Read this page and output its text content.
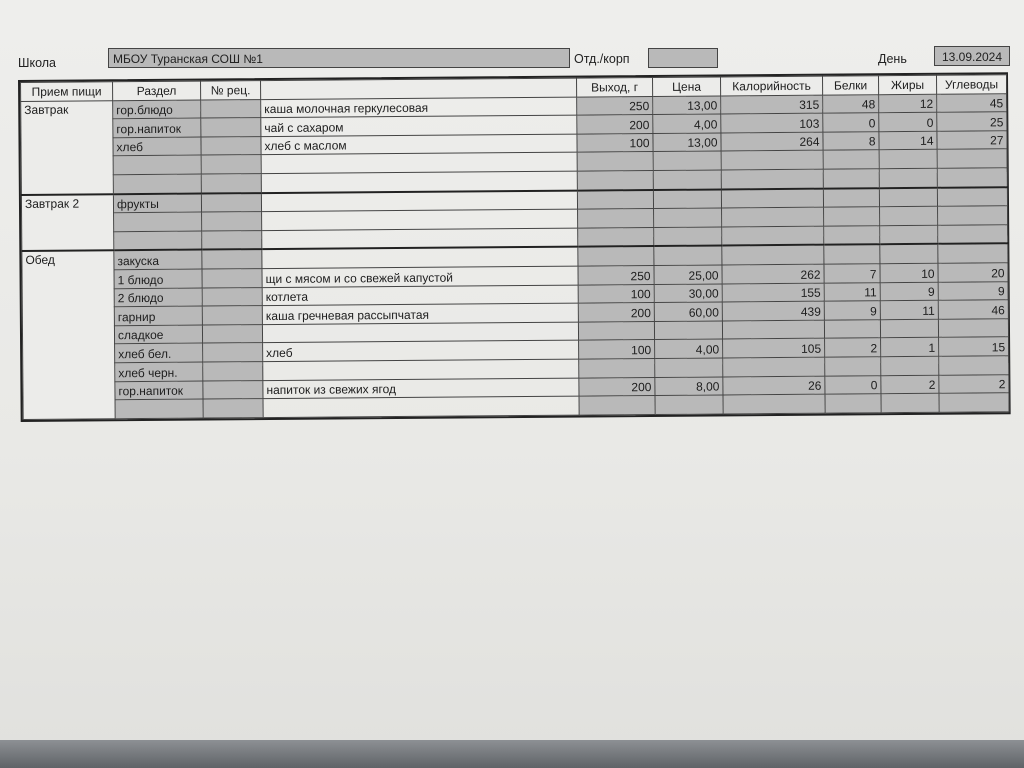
Школа	МБОУ Туранская СОШ №1	Отд./корп	День	13.09.2024
Прием пищи	Раздел	№ рец.		Выход, г	Цена	Калорийность	Белки	Жиры	Углеводы
Завтрак	гор.блюдо		каша молочная геркулесовая	250	13,00	315	48	12	45
	гор.напиток		чай с сахаром	200	4,00	103	0	0	25
	хлеб		хлеб с маслом	100	13,00	264	8	14	27

Завтрак 2	фрукты								

Обед	закуска								
	1 блюдо		щи с мясом и со свежей капустой	250	25,00	262	7	10	20
	2 блюдо		котлета	100	30,00	155	11	9	9
	гарнир		каша гречневая рассыпчатая	200	60,00	439	9	11	46
	сладкое								
	хлеб бел.		хлеб	100	4,00	105	2	1	15
	хлеб черн.								
	гор.напиток		напиток из свежих ягод	200	8,00	26	0	2	2
